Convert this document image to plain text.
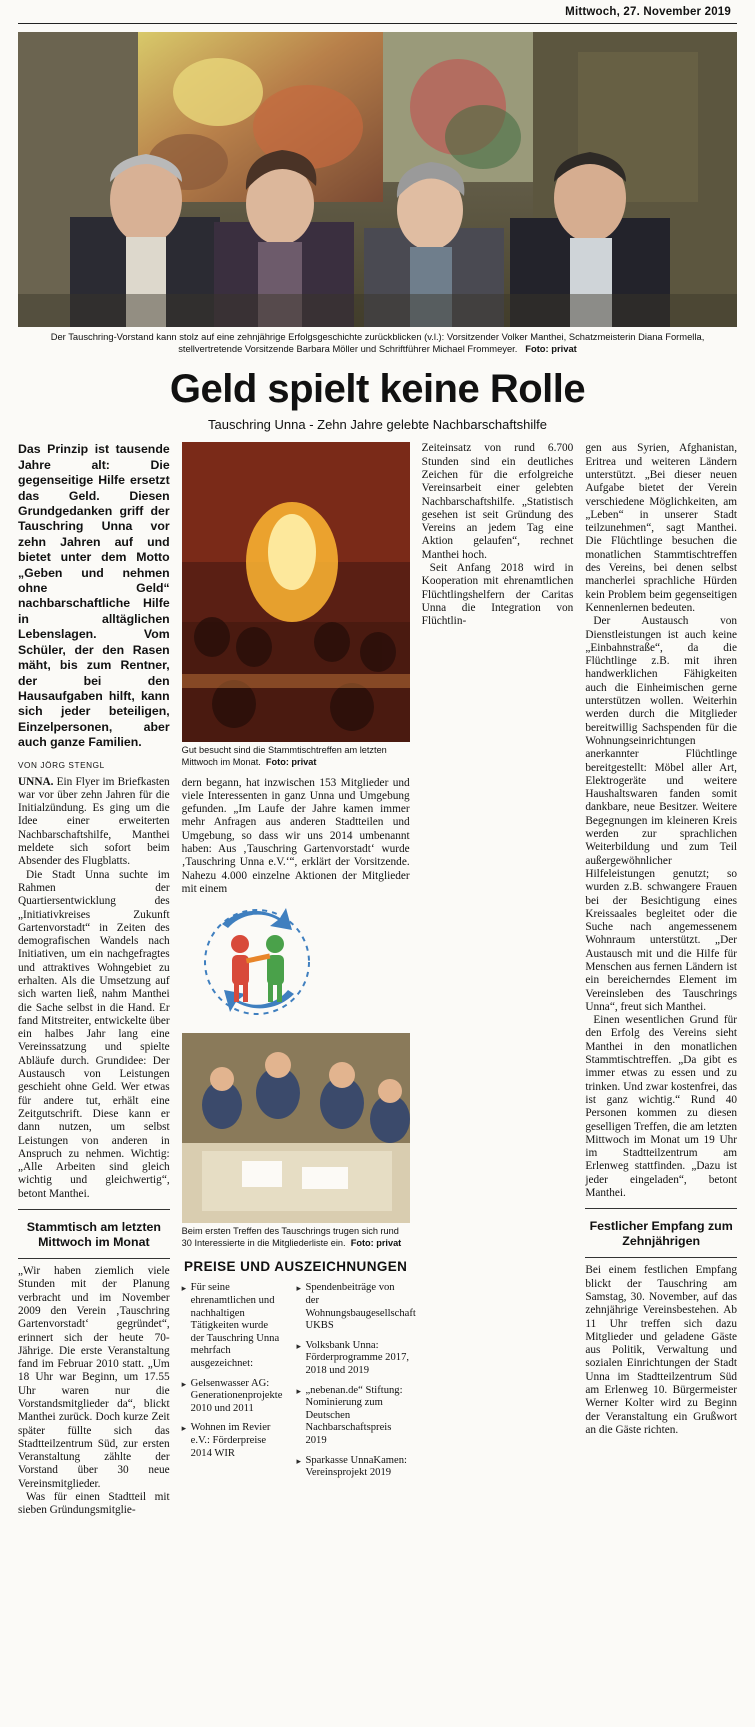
Mittwoch, 27. November 2019
Der Tauschring-Vorstand kann stolz auf eine zehnjährige Erfolgsgeschichte zurückblicken (v.l.): Vorsitzender Volker Manthei, Schatzmeisterin Diana Formella, stellvertretende Vorsitzende Barbara Möller und Schriftführer Michael Frommeyer. Foto: privat
Geld spielt keine Rolle
Tauschring Unna - Zehn Jahre gelebte Nachbarschaftshilfe
Das Prinzip ist tausende Jahre alt: Die gegenseitige Hilfe ersetzt das Geld. Diesen Grundgedanken griff der Tauschring Unna vor zehn Jahren auf und bietet unter dem Motto „Geben und nehmen ohne Geld“ nachbarschaftliche Hilfe in alltäglichen Lebenslagen. Vom Schüler, der den Rasen mäht, bis zum Rentner, der bei den Hausaufgaben hilft, kann sich jeder beteiligen, Einzelpersonen, aber auch ganze Familien.
VON JÖRG STENGL

UNNA. Ein Flyer im Briefkasten war vor über zehn Jahren für die Initialzündung. Es ging um die Idee einer erweiterten Nachbarschaftshilfe, Manthei meldete sich sofort beim Absender des Flugblatts.

Die Stadt Unna suchte im Rahmen der Quartiersentwicklung des „Initiativkreises Zukunft Gartenvorstadt“ in Zeiten des demografischen Wandels nach Initiativen, um ein nachgefragtes und attraktives Wohngebiet zu erhalten. Als die Umsetzung auf sich warten ließ, nahm Manthei die Sache selbst in die Hand. Er fand Mitstreiter, entwickelte über ein halbes Jahr lang eine Vereinssatzung und spielte Abläufe durch. Grundidee: Der Austausch von Leistungen geschieht ohne Geld. Wer etwas für andere tut, erhält eine Zeitgutschrift. Diese kann er dann nutzen, um selbst Leistungen von anderen in Anspruch zu nehmen. Wichtig: „Alle Arbeiten sind gleich wichtig und gleichwertig“, betont Manthei.

Stammtisch am letzten Mittwoch im Monat

„Wir haben ziemlich viele Stunden mit der Planung verbracht und im November 2009 den Verein ‚Tauschring Gartenvorstadt‘ gegründet“, erinnert sich der heute 70-Jährige. Die erste Veranstaltung fand im Februar 2010 statt. „Um 18 Uhr war Beginn, um 17.55 Uhr waren nur die Vorstandsmitglieder da“, blickt Manthei zurück. Doch kurze Zeit später füllte sich das Stadtteilzentrum Süd, zur ersten Veranstaltung zählte der Vorstand über 30 neue Vereinsmitglieder.

Was für einen Stadtteil mit sieben Gründungsmitglie-

Gut besucht sind die Stammtischtreffen am letzten Mittwoch im Monat. Foto: privat

dern begann, hat inzwischen 153 Mitglieder und viele Interessenten in ganz Unna und Umgebung gefunden. „Im Laufe der Jahre kamen immer mehr Anfragen aus anderen Stadtteilen und Umgebung, so dass wir uns 2014 umbenannt haben: Aus ‚Tauschring Gartenvorstadt‘ wurde ‚Tauschring Unna e.V.‘“, erklärt der Vorsitzende. Nahezu 4.000 einzelne Aktionen der Mitglieder mit einem

Beim ersten Treffen des Tauschrings trugen sich rund 30 Interessierte in die Mitgliederliste ein. Foto: privat
PREISE UND AUSZEICHNUNGEN
▸ Für seine ehrenamtlichen und nachhaltigen Tätigkeiten wurde der Tauschring Unna mehrfach ausgezeichnet:
▸ Gelsenwasser AG: Generationenprojekte 2010 und 2011
▸ Wohnen im Revier e.V.: Förderpreise 2014 WIR
▸ Spendenbeiträge von der Wohnungsbaugesellschaft UKBS
▸ Volksbank Unna: Förderprogramme 2017, 2018 und 2019
▸ „nebenan.de“ Stiftung: Nominierung zum Deutschen Nachbarschaftspreis 2019
▸ Sparkasse UnnaKamen: Vereinsprojekt 2019

Zeiteinsatz von rund 6.700 Stunden sind ein deutliches Zeichen für die erfolgreiche Vereinsarbeit einer gelebten Nachbarschaftshilfe. „Statistisch gesehen ist seit Gründung des Vereins an jedem Tag eine Aktion gelaufen“, rechnet Manthei hoch.

Seit Anfang 2018 wird in Kooperation mit ehrenamtlichen Flüchtlingshelfern der Caritas Unna die Integration von Flüchtlin-

gen aus Syrien, Afghanistan, Eritrea und weiteren Ländern unterstützt. „Bei dieser neuen Aufgabe bietet der Verein verschiedene Möglichkeiten, am „Leben“ in unserer Stadt teilzunehmen“, sagt Manthei. Die Flüchtlinge besuchen die monatlichen Stammtischtreffen des Vereins, bei denen selbst mancherlei sprachliche Hürden kein Problem beim gegenseitigen Kennenlernen bedeuten.

Der Austausch von Dienstleistungen ist auch keine „Einbahnstraße“, da die Flüchtlinge z.B. mit ihren handwerklichen Fähigkeiten auch die Einheimischen gerne unterstützen wollen. Weiterhin werden durch die Mitglieder bereitwillig Sachspenden für die Wohnungseinrichtungen anerkannter Flüchtlinge bereitgestellt: Möbel aller Art, Elektrogeräte und weitere Haushaltswaren fanden somit dankbare, neue Besitzer. Weitere Begegnungen im kleineren Kreis werden zur sprachlichen Weiterbildung und zum Teil außergewöhnlicher Hilfeleistungen genutzt; so wurden z.B. schwangere Frauen bei der Besichtigung eines Kreissaales begleitet oder die Suche nach angemessenem Wohnraum unterstützt. „Der Austausch mit und die Hilfe für Menschen aus fernen Ländern ist ein bereicherndes Element im Vereinsleben des Tauschrings Unna“, freut sich Manthei.

Einen wesentlichen Grund für den Erfolg des Vereins sieht Manthei in den monatlichen Stammtischtreffen. „Da gibt es immer etwas zu essen und zu trinken. Und zwar kostenfrei, das ist ganz wichtig.“ Rund 40 Personen kommen zu diesen geselligen Treffen, die am letzten Mittwoch im Monat um 19 Uhr im Stadtteilzentrum am Erlenweg stattfinden. „Dazu ist jeder eingeladen“, betont Manthei.

Festlicher Empfang zum Zehnjährigen

Bei einem festlichen Empfang blickt der Tauschring am Samstag, 30. November, auf das zehnjährige Vereinsbestehen. Ab 11 Uhr treffen sich dazu Mitglieder und geladene Gäste aus Politik, Verwaltung und sozialen Einrichtungen der Stadt Unna im Stadtteilzentrum Süd am Erlenweg 10. Bürgermeister Werner Kolter wird zu Beginn der Veranstaltung ein Grußwort an die Gäste richten.
